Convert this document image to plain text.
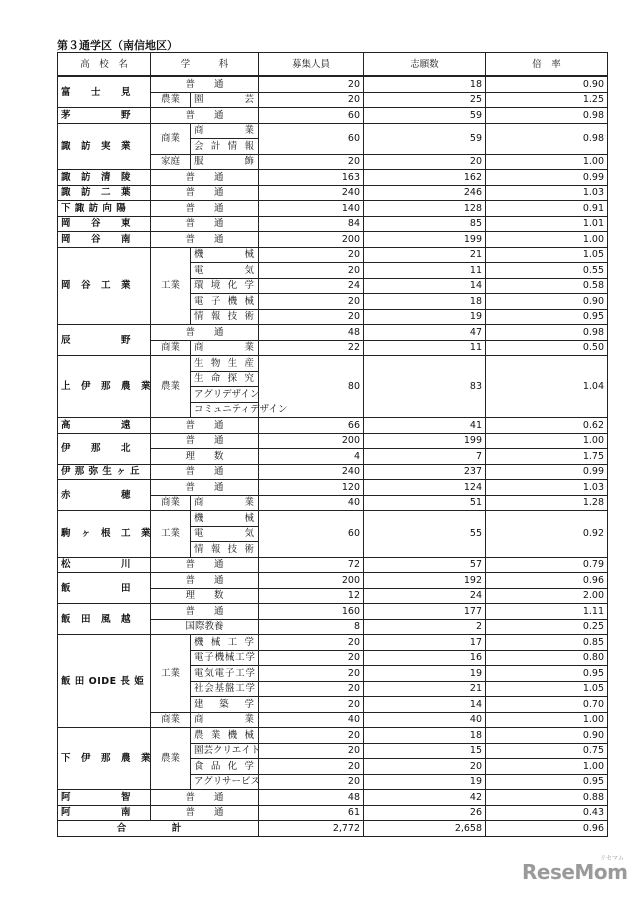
第３通学区（南信地区）
高　校　名	学　　　科		募集人員	志願数	倍　率
富　　士　　見	普　　通		20	18	0.90
	農業	園　　　芸	20	25	1.25
茅　　　　　野	普　　通		60	59	0.98
諏　訪　実　業	商業	商　　　業	60	59	0.98
		会 計 情 報			
	家庭	服　　　飾	20	20	1.00
諏　訪　清　陵	普　　通		163	162	0.99
諏　訪　二　葉	普　　通		240	246	1.03
下 諏 訪 向 陽	普　　通		140	128	0.91
岡　　谷　　東	普　　通		84	85	1.01
岡　　谷　　南	普　　通		200	199	1.00
岡　谷　工　業	工業	機　　　械	20	21	1.05
		電　　　気	20	11	0.55
		環 境 化 学	24	14	0.58
		電 子 機 械	20	18	0.90
		情 報 技 術	20	19	0.95
辰　　　　　野	普　　通		48	47	0.98
	商業	商　　　業	22	11	0.50
上　伊　那　農　業	農業	生 物 生 産	80	83	1.04
		生 命 探 究			
		アグリデザイン			
		コミュニティデザイン			
高　　　　　遠	普　　通		66	41	0.62
伊　　那　　北	普　　通		200	199	1.00
	理　　数		4	7	1.75
伊 那 弥 生 ヶ 丘	普　　通		240	237	0.99
赤　　　　　穂	普　　通		120	124	1.03
	商業	商　　　業	40	51	1.28
駒　ヶ　根　工　業	工業	機　　　械	60	55	0.92
		電　　　気			
		情 報 技 術			
松　　　　　川	普　　通		72	57	0.79
飯　　　　　田	普　　通		200	192	0.96
	理　　数		12	24	2.00
飯　田　風　越	普　　通		160	177	1.11
	国際教養		8	2	0.25
飯 田 OIDE 長 姫	工業	機 械 工 学	20	17	0.85
		電子機械工学	20	16	0.80
		電気電子工学	20	19	0.95
		社会基盤工学	20	21	1.05
		建　築　学	20	14	0.70
	商業	商　　　業	40	40	1.00
下　伊　那　農　業	農業	農 業 機 械	20	18	0.90
		園芸クリエイト	20	15	0.75
		食 品 化 学	20	20	1.00
		アグリサービス	20	19	0.95
阿　　　　　智	普　　通		48	42	0.88
阿　　　　　南	普　　通		61	26	0.43
合　計			2,772	2,658	0.96
ReseMom
リセマム
